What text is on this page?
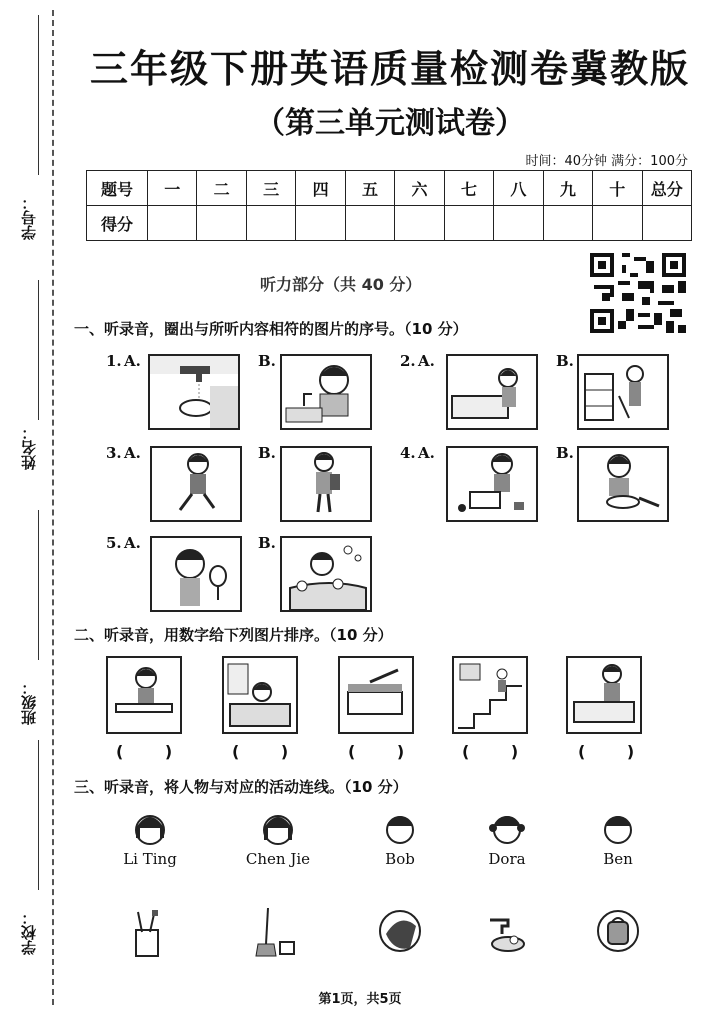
学号：
姓名：
班级：
学校：
三年级下册英语质量检测卷冀教版
（第三单元测试卷）
时间：40分钟 满分：100分
题号	一	二	三	四	五	六	七	八	九	十	总分
得分											
听力部分（共 40 分）
一、听录音，圈出与所听内容相符的图片的序号。（10 分）
1. A.	B.	2. A.	B.
3. A.	B.	4. A.	B.
5. A.	B.
二、听录音，用数字给下列图片排序。（10 分）
( )	( )	( ) ( )	( )
三、听录音，将人物与对应的活动连线。（10 分）
Li Ting	Chen Jie	Bob	Dora	Ben
第1页，共5页
